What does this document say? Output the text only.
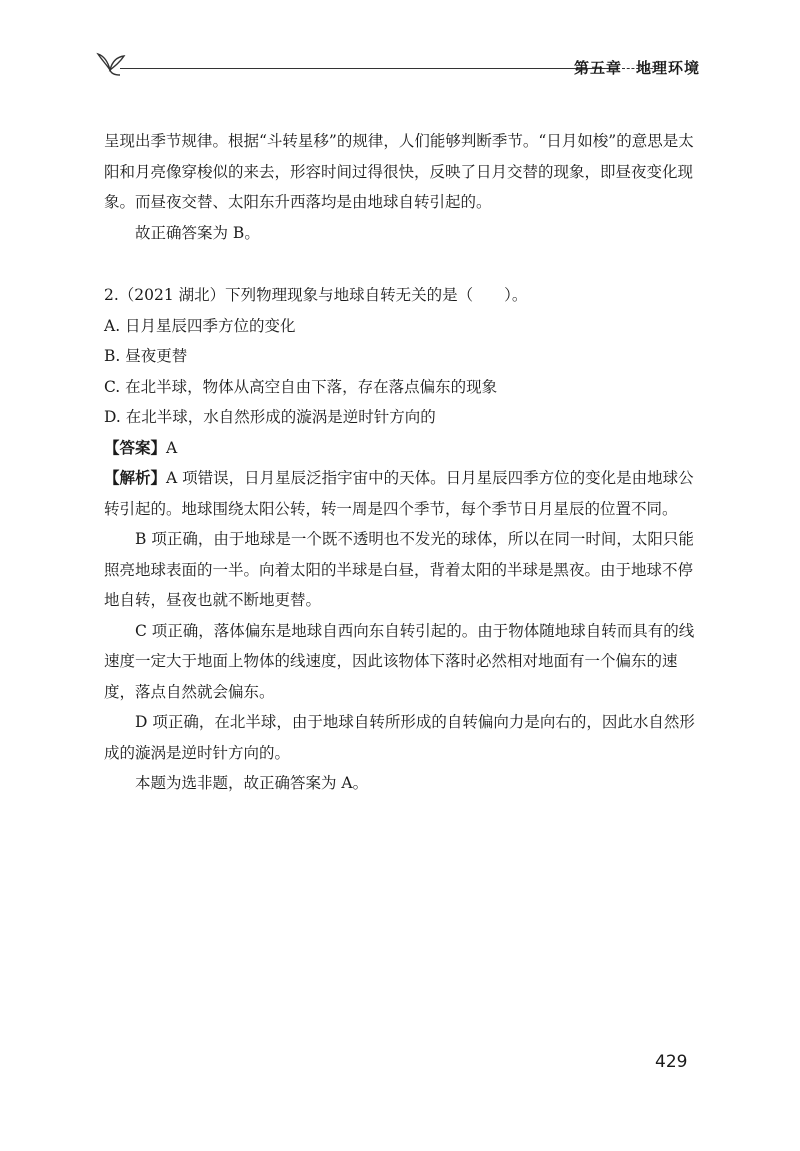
第五章 地理环境

呈现出季节规律。根据“斗转星移”的规律，人们能够判断季节。“日月如梭”的意思是太阳和月亮像穿梭似的来去，形容时间过得很快，反映了日月交替的现象，即昼夜变化现象。而昼夜交替、太阳东升西落均是由地球自转引起的。

故正确答案为 B。

2.（2021 湖北）下列物理现象与地球自转无关的是（　　）。

A. 日月星辰四季方位的变化

B. 昼夜更替

C. 在北半球，物体从高空自由下落，存在落点偏东的现象

D. 在北半球，水自然形成的漩涡是逆时针方向的

【答案】A

【解析】A 项错误，日月星辰泛指宇宙中的天体。日月星辰四季方位的变化是由地球公转引起的。地球围绕太阳公转，转一周是四个季节，每个季节日月星辰的位置不同。

B 项正确，由于地球是一个既不透明也不发光的球体，所以在同一时间，太阳只能照亮地球表面的一半。向着太阳的半球是白昼，背着太阳的半球是黑夜。由于地球不停地自转，昼夜也就不断地更替。

C 项正确，落体偏东是地球自西向东自转引起的。由于物体随地球自转而具有的线速度一定大于地面上物体的线速度，因此该物体下落时必然相对地面有一个偏东的速度，落点自然就会偏东。

D 项正确，在北半球，由于地球自转所形成的自转偏向力是向右的，因此水自然形成的漩涡是逆时针方向的。

本题为选非题，故正确答案为 A。

429
